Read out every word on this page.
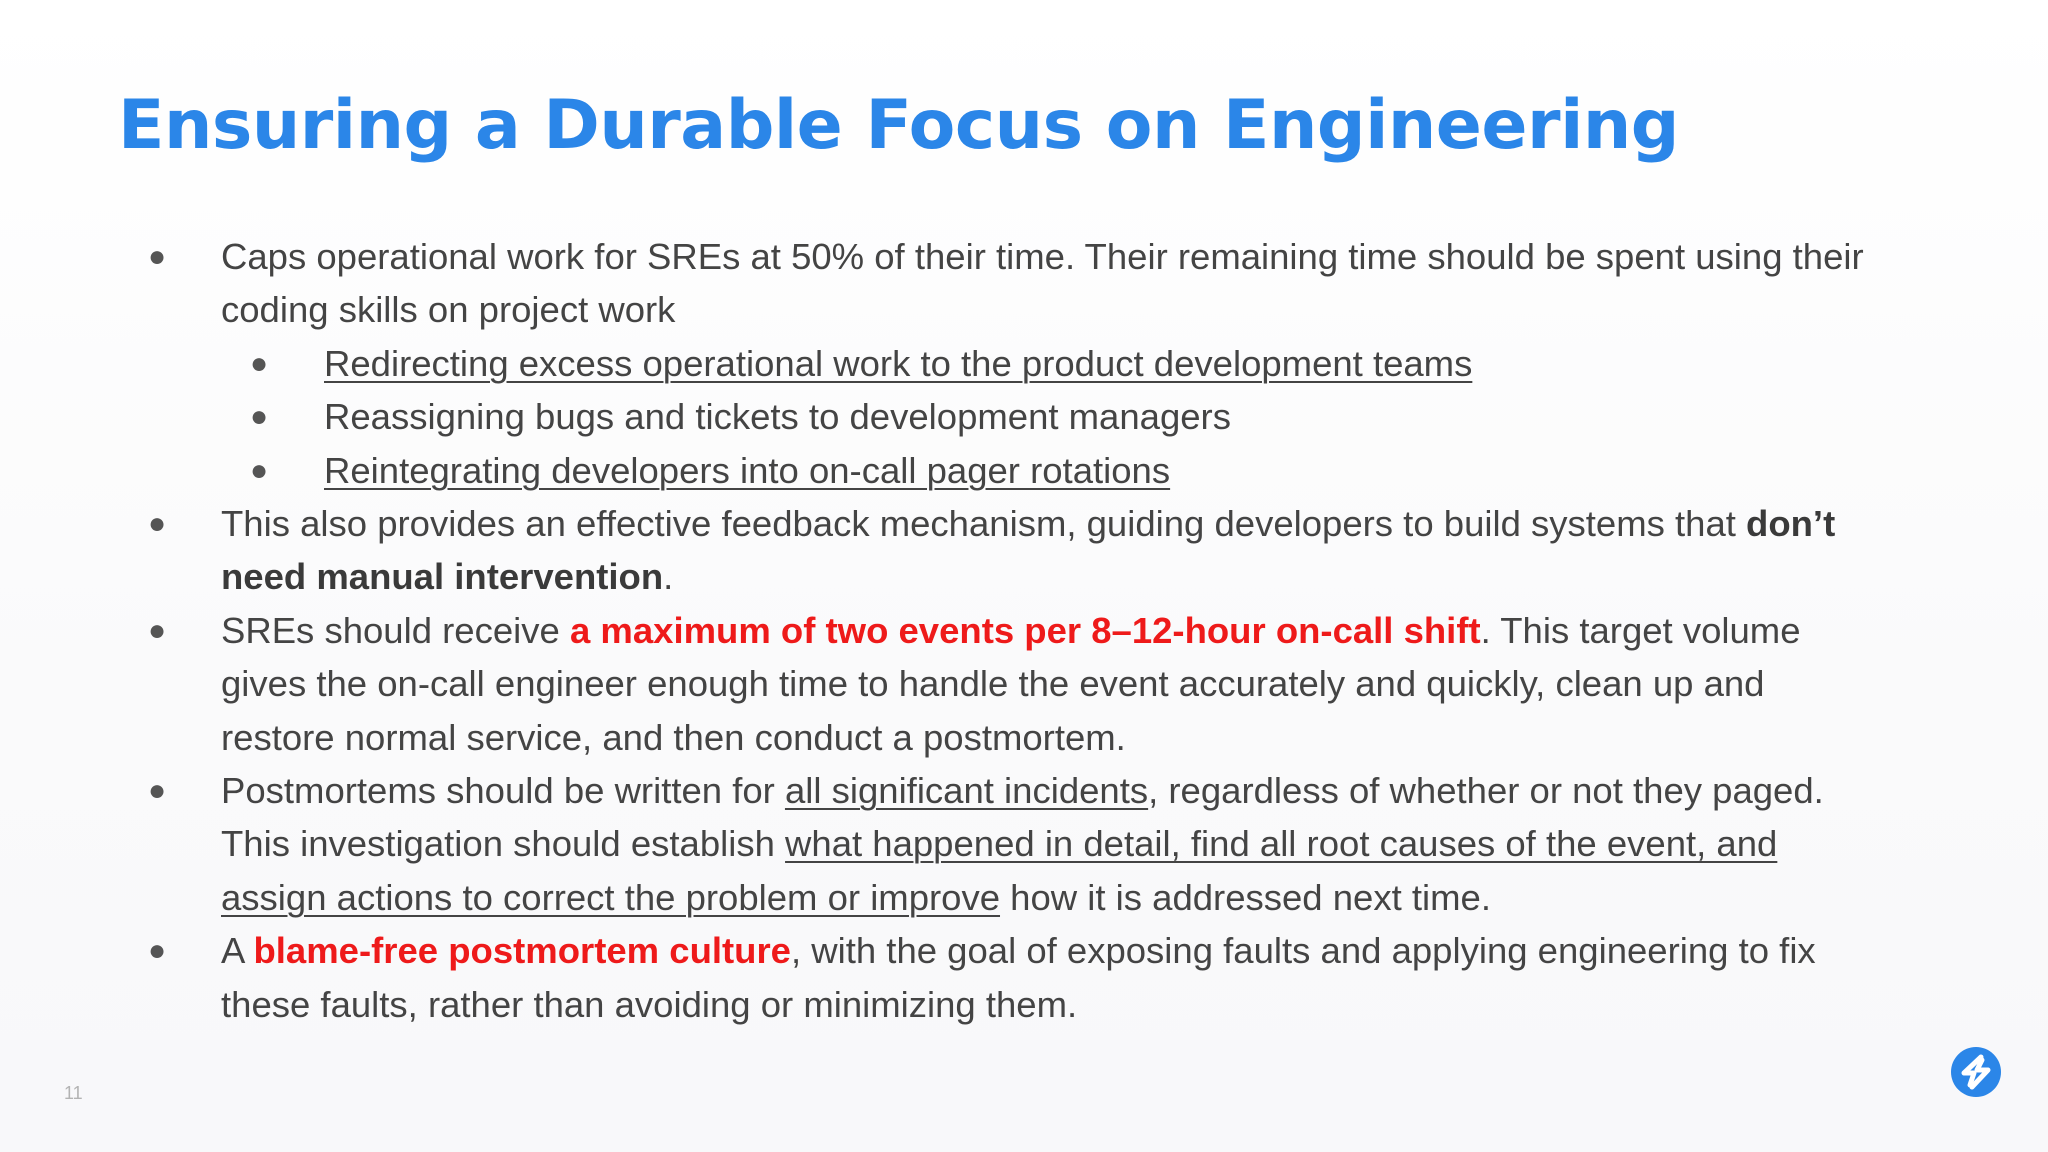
Ensuring a Durable Focus on Engineering
● Caps operational work for SREs at 50% of their time. Their remaining time should be spent using their coding skills on project work
● Redirecting excess operational work to the product development teams
● Reassigning bugs and tickets to development managers
● Reintegrating developers into on-call pager rotations
● This also provides an effective feedback mechanism, guiding developers to build systems that don’t need manual intervention.
● SREs should receive a maximum of two events per 8–12-hour on-call shift. This target volume gives the on-call engineer enough time to handle the event accurately and quickly, clean up and restore normal service, and then conduct a postmortem.
● Postmortems should be written for all significant incidents, regardless of whether or not they paged. This investigation should establish what happened in detail, find all root causes of the event, and assign actions to correct the problem or improve how it is addressed next time.
● A blame-free postmortem culture, with the goal of exposing faults and applying engineering to fix these faults, rather than avoiding or minimizing them.
11
